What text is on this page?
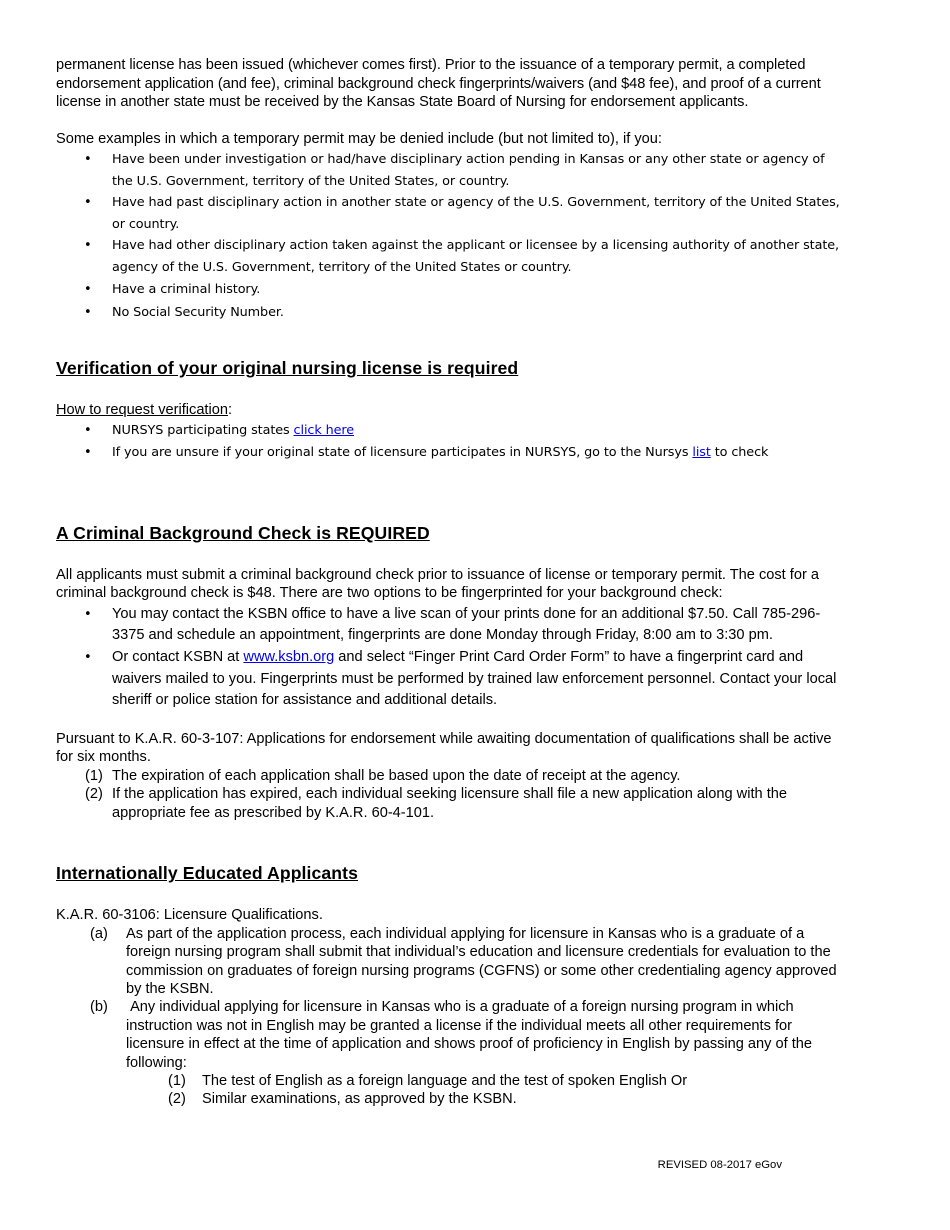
permanent license has been issued (whichever comes first). Prior to the issuance of a temporary permit, a completed endorsement application (and fee), criminal background check fingerprints/waivers (and $48 fee), and proof of a current license in another state must be received by the Kansas State Board of Nursing for endorsement applicants.

Some examples in which a temporary permit may be denied include (but not limited to), if you:

• Have been under investigation or had/have disciplinary action pending in Kansas or any other state or agency of the U.S. Government, territory of the United States, or country.
• Have had past disciplinary action in another state or agency of the U.S. Government, territory of the United States, or country.
• Have had other disciplinary action taken against the applicant or licensee by a licensing authority of another state, agency of the U.S. Government, territory of the United States or country.
• Have a criminal history.
• No Social Security Number.
Verification of your original nursing license is required

How to request verification:

• NURSYS participating states click here
• If you are unsure if your original state of licensure participates in NURSYS, go to the Nursys list to check
A Criminal Background Check is REQUIRED

All applicants must submit a criminal background check prior to issuance of license or temporary permit. The cost for a criminal background check is $48. There are two options to be fingerprinted for your background check:

• You may contact the KSBN office to have a live scan of your prints done for an additional $7.50. Call 785-296-3375 and schedule an appointment, fingerprints are done Monday through Friday, 8:00 am to 3:30 pm.
• Or contact KSBN at www.ksbn.org and select “Finger Print Card Order Form” to have a fingerprint card and waivers mailed to you. Fingerprints must be performed by trained law enforcement personnel. Contact your local sheriff or police station for assistance and additional details.

Pursuant to K.A.R. 60-3-107: Applications for endorsement while awaiting documentation of qualifications shall be active for six months.

(1) The expiration of each application shall be based upon the date of receipt at the agency.
(2) If the application has expired, each individual seeking licensure shall file a new application along with the appropriate fee as prescribed by K.A.R. 60-4-101.
Internationally Educated Applicants

K.A.R. 60-3106: Licensure Qualifications.

(a) As part of the application process, each individual applying for licensure in Kansas who is a graduate of a foreign nursing program shall submit that individual’s education and licensure credentials for evaluation to the commission on graduates of foreign nursing programs (CGFNS) or some other credentialing agency approved by the KSBN.
(b) Any individual applying for licensure in Kansas who is a graduate of a foreign nursing program in which instruction was not in English may be granted a license if the individual meets all other requirements for licensure in effect at the time of application and shows proof of proficiency in English by passing any of the following:
(1) The test of English as a foreign language and the test of spoken English Or
(2) Similar examinations, as approved by the KSBN.
REVISED 08-2017 eGov
